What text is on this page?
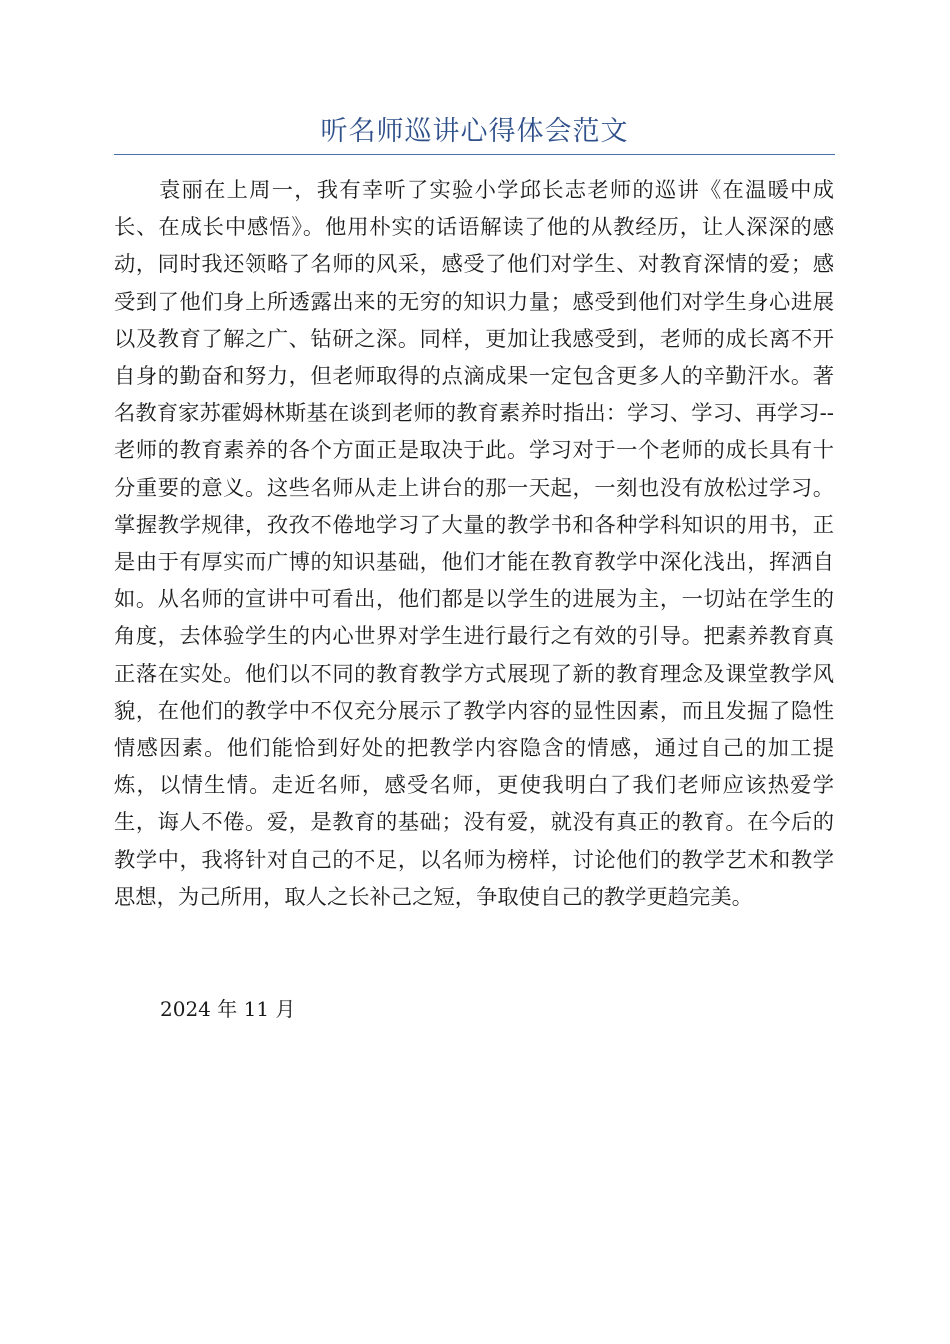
听名师巡讲心得体会范文

袁丽在上周一，我有幸听了实验小学邱长志老师的巡讲《在温暖中成长、在成长中感悟》。他用朴实的话语解读了他的从教经历，让人深深的感动，同时我还领略了名师的风采，感受了他们对学生、对教育深情的爱；感受到了他们身上所透露出来的无穷的知识力量；感受到他们对学生身心进展以及教育了解之广、钻研之深。同样，更加让我感受到，老师的成长离不开自身的勤奋和努力，但老师取得的点滴成果一定包含更多人的辛勤汗水。著名教育家苏霍姆林斯基在谈到老师的教育素养时指出：学习、学习、再学习--老师的教育素养的各个方面正是取决于此。学习对于一个老师的成长具有十分重要的意义。这些名师从走上讲台的那一天起，一刻也没有放松过学习。掌握教学规律，孜孜不倦地学习了大量的教学书和各种学科知识的用书，正是由于有厚实而广博的知识基础，他们才能在教育教学中深化浅出，挥洒自如。从名师的宣讲中可看出，他们都是以学生的进展为主，一切站在学生的角度，去体验学生的内心世界对学生进行最行之有效的引导。把素养教育真正落在实处。他们以不同的教育教学方式展现了新的教育理念及课堂教学风貌，在他们的教学中不仅充分展示了教学内容的显性因素，而且发掘了隐性情感因素。他们能恰到好处的把教学内容隐含的情感，通过自己的加工提炼，以情生情。走近名师，感受名师，更使我明白了我们老师应该热爱学生，诲人不倦。爱，是教育的基础；没有爱，就没有真正的教育。在今后的教学中，我将针对自己的不足，以名师为榜样，讨论他们的教学艺术和教学思想，为己所用，取人之长补己之短，争取使自己的教学更趋完美。

2024 年 11 月
